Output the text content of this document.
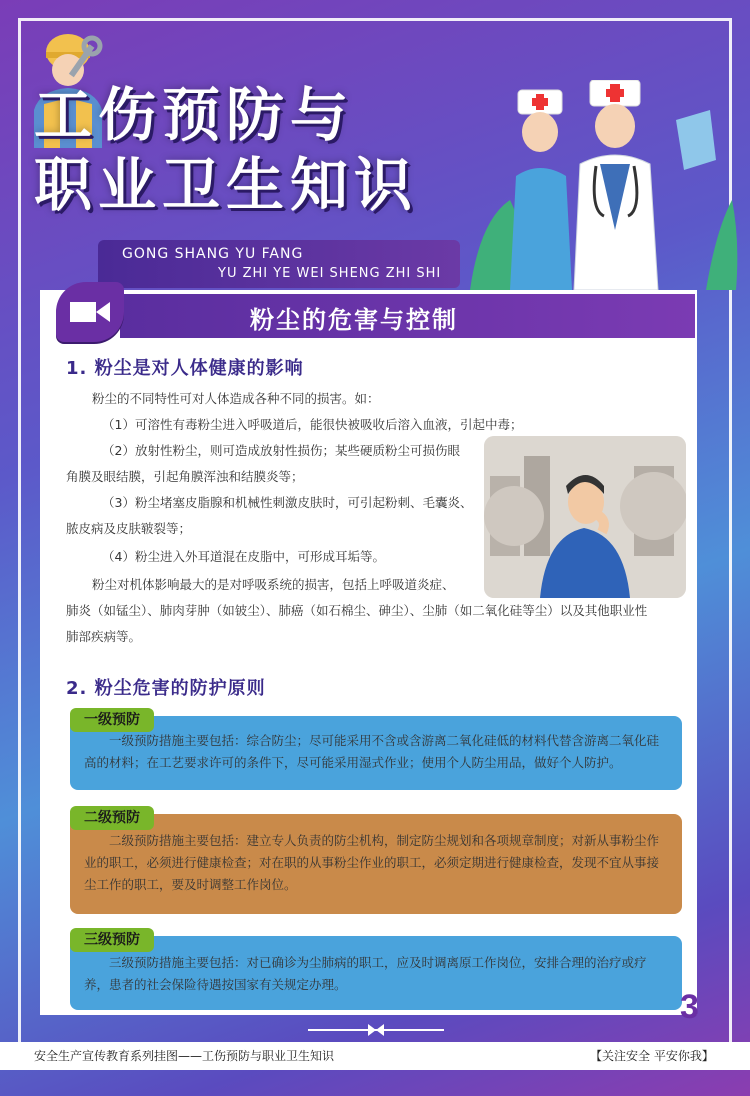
工伤预防与
职业卫生知识
GONG SHANG YU FANG
YU ZHI YE WEI SHENG ZHI SHI
粉尘的危害与控制
1. 粉尘是对人体健康的影响
粉尘的不同特性可对人体造成各种不同的损害。如：
（1）可溶性有毒粉尘进入呼吸道后，能很快被吸收后溶入血液，引起中毒；
（2）放射性粉尘，则可造成放射性损伤；某些硬质粉尘可损伤眼
角膜及眼结膜，引起角膜浑浊和结膜炎等；
（3）粉尘堵塞皮脂腺和机械性刺激皮肤时，可引起粉刺、毛囊炎、
脓皮病及皮肤皲裂等；
（4）粉尘进入外耳道混在皮脂中，可形成耳垢等。
粉尘对机体影响最大的是对呼吸系统的损害，包括上呼吸道炎症、
肺炎（如锰尘）、肺肉芽肿（如铍尘）、肺癌（如石棉尘、砷尘）、尘肺（如二氧化硅等尘）以及其他职业性
肺部疾病等。
2. 粉尘危害的防护原则
一级预防措施主要包括：综合防尘；尽可能采用不含或含游离二氧化硅低的材料代替含游离二氧化硅高的材料；在工艺要求许可的条件下，尽可能采用湿式作业；使用个人防尘用品，做好个人防护。
一级预防
二级预防措施主要包括：建立专人负责的防尘机构，制定防尘规划和各项规章制度；对新从事粉尘作业的职工，必须进行健康检查；对在职的从事粉尘作业的职工，必须定期进行健康检查，发现不宜从事接尘工作的职工，要及时调整工作岗位。
二级预防
三级预防措施主要包括：对已确诊为尘肺病的职工，应及时调离原工作岗位，安排合理的治疗或疗养，患者的社会保险待遇按国家有关规定办理。
三级预防
3
安全生产宣传教育系列挂图——工伤预防与职业卫生知识	【关注安全 平安你我】
